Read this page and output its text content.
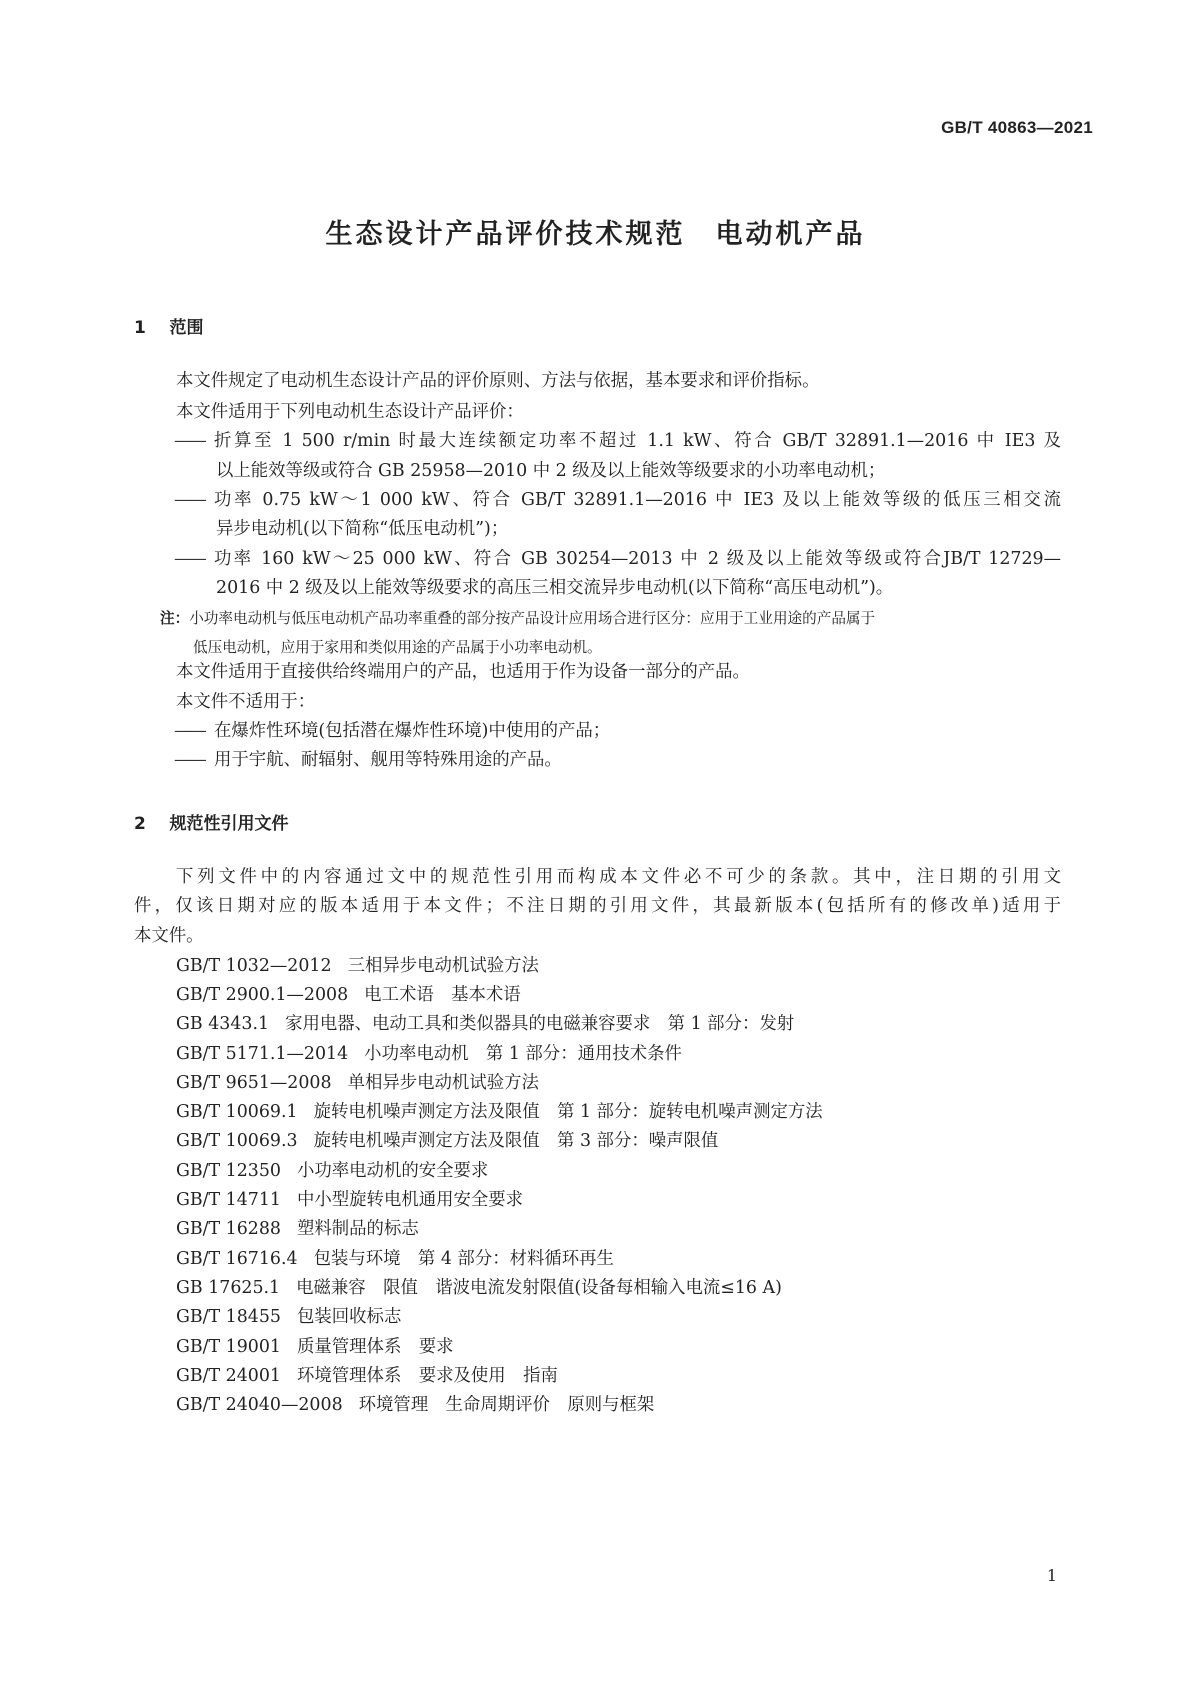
GB/T 40863—2021
生态设计产品评价技术规范　电动机产品
1 范围
本文件规定了电动机生态设计产品的评价原则、方法与依据，基本要求和评价指标。
本文件适用于下列电动机生态设计产品评价：
—— 折算至 1 500 r/min 时最大连续额定功率不超过 1.1 kW、符合 GB/T 32891.1—2016 中 IE3 及
以上能效等级或符合 GB 25958—2010 中 2 级及以上能效等级要求的小功率电动机；
—— 功率 0.75 kW～1 000 kW、符合 GB/T 32891.1—2016 中 IE3 及以上能效等级的低压三相交流
异步电动机(以下简称“低压电动机”)；
—— 功率 160 kW～25 000 kW、符合 GB 30254—2013 中 2 级及以上能效等级或符合JB/T 12729—
2016 中 2 级及以上能效等级要求的高压三相交流异步电动机(以下简称“高压电动机”)。
注：小功率电动机与低压电动机产品功率重叠的部分按产品设计应用场合进行区分：应用于工业用途的产品属于
低压电动机，应用于家用和类似用途的产品属于小功率电动机。
本文件适用于直接供给终端用户的产品，也适用于作为设备一部分的产品。
本文件不适用于：
—— 在爆炸性环境(包括潜在爆炸性环境)中使用的产品；
—— 用于宇航、耐辐射、舰用等特殊用途的产品。
2 规范性引用文件
下列文件中的内容通过文中的规范性引用而构成本文件必不可少的条款。其中，注日期的引用文
件，仅该日期对应的版本适用于本文件；不注日期的引用文件，其最新版本(包括所有的修改单)适用于
本文件。
GB/T 1032—2012 三相异步电动机试验方法
GB/T 2900.1—2008 电工术语　基本术语
GB 4343.1 家用电器、电动工具和类似器具的电磁兼容要求　第 1 部分：发射
GB/T 5171.1—2014 小功率电动机　第 1 部分：通用技术条件
GB/T 9651—2008 单相异步电动机试验方法
GB/T 10069.1 旋转电机噪声测定方法及限值　第 1 部分：旋转电机噪声测定方法
GB/T 10069.3 旋转电机噪声测定方法及限值　第 3 部分：噪声限值
GB/T 12350 小功率电动机的安全要求
GB/T 14711 中小型旋转电机通用安全要求
GB/T 16288 塑料制品的标志
GB/T 16716.4 包装与环境　第 4 部分：材料循环再生
GB 17625.1 电磁兼容　限值　谐波电流发射限值(设备每相输入电流≤16 A)
GB/T 18455 包装回收标志
GB/T 19001 质量管理体系　要求
GB/T 24001 环境管理体系　要求及使用　指南
GB/T 24040—2008 环境管理　生命周期评价　原则与框架
1
